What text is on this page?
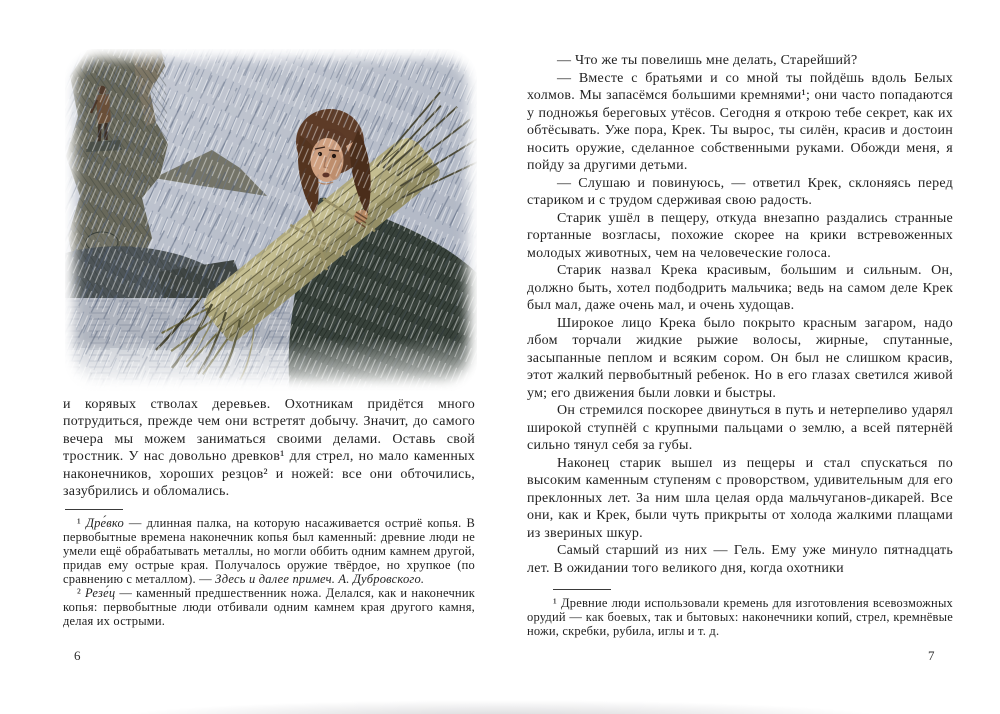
и корявых стволах деревьев. Охотникам придётся много потрудиться, прежде чем они встретят добычу. Значит, до самого вечера мы можем заниматься своими делами. Оставь свой тростник. У нас довольно древков¹ для стрел, но мало каменных наконечников, хороших резцов² и ножей: все они обточились, зазубрились и обломались.

¹ Дре́вко — длинная палка, на которую насаживается остриё копья. В первобытные времена наконечник копья был каменный: древние люди не умели ещё обрабатывать металлы, но могли оббить одним камнем другой, придав ему острые края. Получалось оружие твёрдое, но хрупкое (по сравнению с металлом). — Здесь и далее примеч. А. Дубровского.

² Резе́ц — каменный предшественник ножа. Делался, как и наконечник копья: первобытные люди отбивали одним камнем края другого камня, делая их острыми.

6

— Что же ты повелишь мне делать, Старейший?

— Вместе с братьями и со мной ты пойдёшь вдоль Белых холмов. Мы запасёмся большими кремнями¹; они часто попадаются у подножья береговых утёсов. Сегодня я открою тебе секрет, как их обтёсывать. Уже пора, Крек. Ты вырос, ты силён, красив и достоин носить оружие, сделанное собственными руками. Обожди меня, я пойду за другими детьми.

— Слушаю и повинуюсь, — ответил Крек, склоняясь перед стариком и с трудом сдерживая свою радость.

Старик ушёл в пещеру, откуда внезапно раздались странные гортанные возгласы, похожие скорее на крики встревоженных молодых животных, чем на человеческие голоса.

Старик назвал Крека красивым, большим и сильным. Он, должно быть, хотел подбодрить мальчика; ведь на самом деле Крек был мал, даже очень мал, и очень худощав.

Широкое лицо Крека было покрыто красным загаром, надо лбом торчали жидкие рыжие волосы, жирные, спутанные, засыпанные пеплом и всяким сором. Он был не слишком красив, этот жалкий первобытный ребенок. Но в его глазах светился живой ум; его движения были ловки и быстры.

Он стремился поскорее двинуться в путь и нетерпеливо ударял широкой ступнёй с крупными пальцами о землю, а всей пятернёй сильно тянул себя за губы.

Наконец старик вышел из пещеры и стал спускаться по высоким каменным ступеням с проворством, удивительным для его преклонных лет. За ним шла целая орда мальчуганов-дикарей. Все они, как и Крек, были чуть прикрыты от холода жалкими плащами из звериных шкур.

Самый старший из них — Гель. Ему уже минуло пятнадцать лет. В ожидании того великого дня, когда охотники

¹ Древние люди использовали кремень для изготовления всевозможных орудий — как боевых, так и бытовых: наконечники копий, стрел, кремнёвые ножи, скребки, рубила, иглы и т. д.

7
